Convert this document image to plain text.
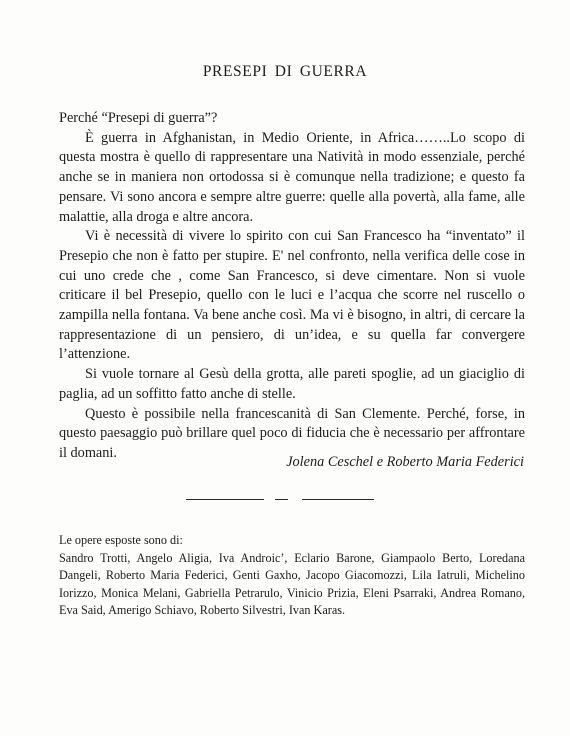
PRESEPI DI GUERRA

Perché “Presepi di guerra”?

È guerra in Afghanistan, in Medio Oriente, in Africa……..Lo scopo di questa mostra è quello di rappresentare una Natività in modo essenziale, perché anche se in maniera non ortodossa si è comunque nella tradizione; e questo fa pensare. Vi sono ancora e sempre altre guerre: quelle alla povertà, alla fame, alle malattie, alla droga e altre ancora.

Vi è necessità di vivere lo spirito con cui San Francesco ha “inventato” il Presepio che non è fatto per stupire. E' nel confronto, nella verifica delle cose in cui uno crede che , come San Francesco, si deve cimentare. Non si vuole criticare il bel Presepio, quello con le luci e l’acqua che scorre nel ruscello o zampilla nella fontana. Va bene anche così. Ma vi è bisogno, in altri, di cercare la rappresentazione di un pensiero, di un’idea, e su quella far convergere l’attenzione.

Si vuole tornare al Gesù della grotta, alle pareti spoglie, ad un giaciglio di paglia, ad un soffitto fatto anche di stelle.

Questo è possibile nella francescanità di San Clemente. Perché, forse, in questo paesaggio può brillare quel poco di fiducia che è necessario per affrontare il domani.

Jolena Ceschel e Roberto Maria Federici

Le opere esposte sono di:

Sandro Trotti, Angelo Aligia, Iva Androic’, Eclario Barone, Giampaolo Berto, Loredana Dangeli, Roberto Maria Federici, Genti Gaxho, Jacopo Giacomozzi, Lila Iatruli, Michelino Iorizzo, Monica Melani, Gabriella Petrarulo, Vinicio Prizia, Eleni Psarraki, Andrea Romano, Eva Said, Amerigo Schiavo, Roberto Silvestri, Ivan Karas.
